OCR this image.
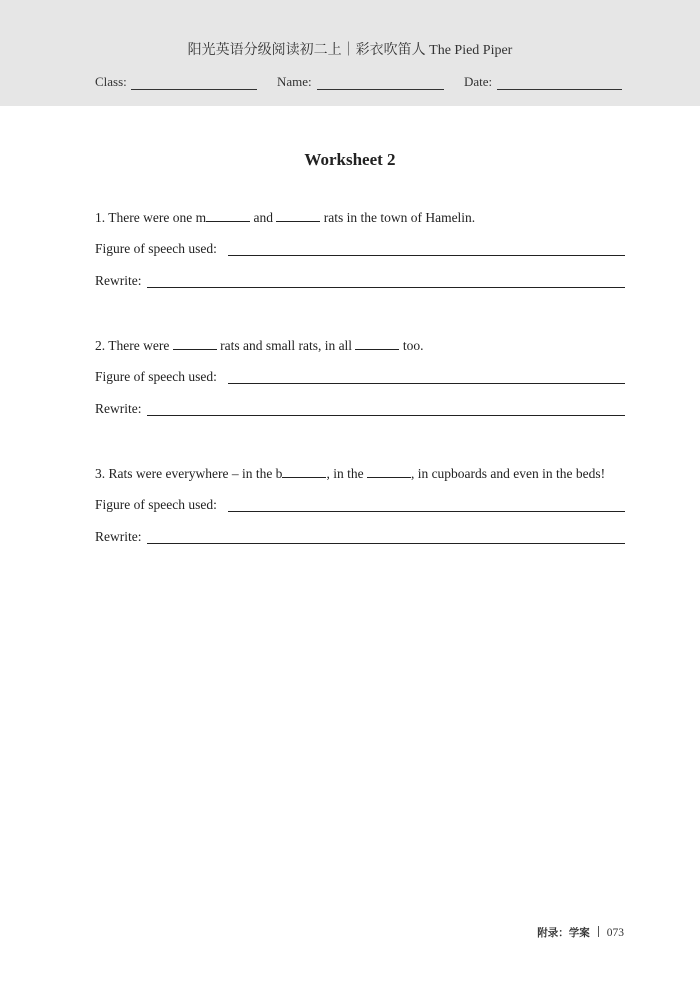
阳光英语分级阅读初二上｜彩衣吹笛人 The Pied Piper
Class:	Name:	Date:
Worksheet 2
1. There were one m	and	rats in the town of Hamelin.
Figure of speech used:
Rewrite:
2. There were	rats and small rats, in all	too.
Figure of speech used:
Rewrite:
3. Rats were everywhere – in the b	, in the	, in cupboards and even in the beds!
Figure of speech used:
Rewrite:
附录：学案 073
